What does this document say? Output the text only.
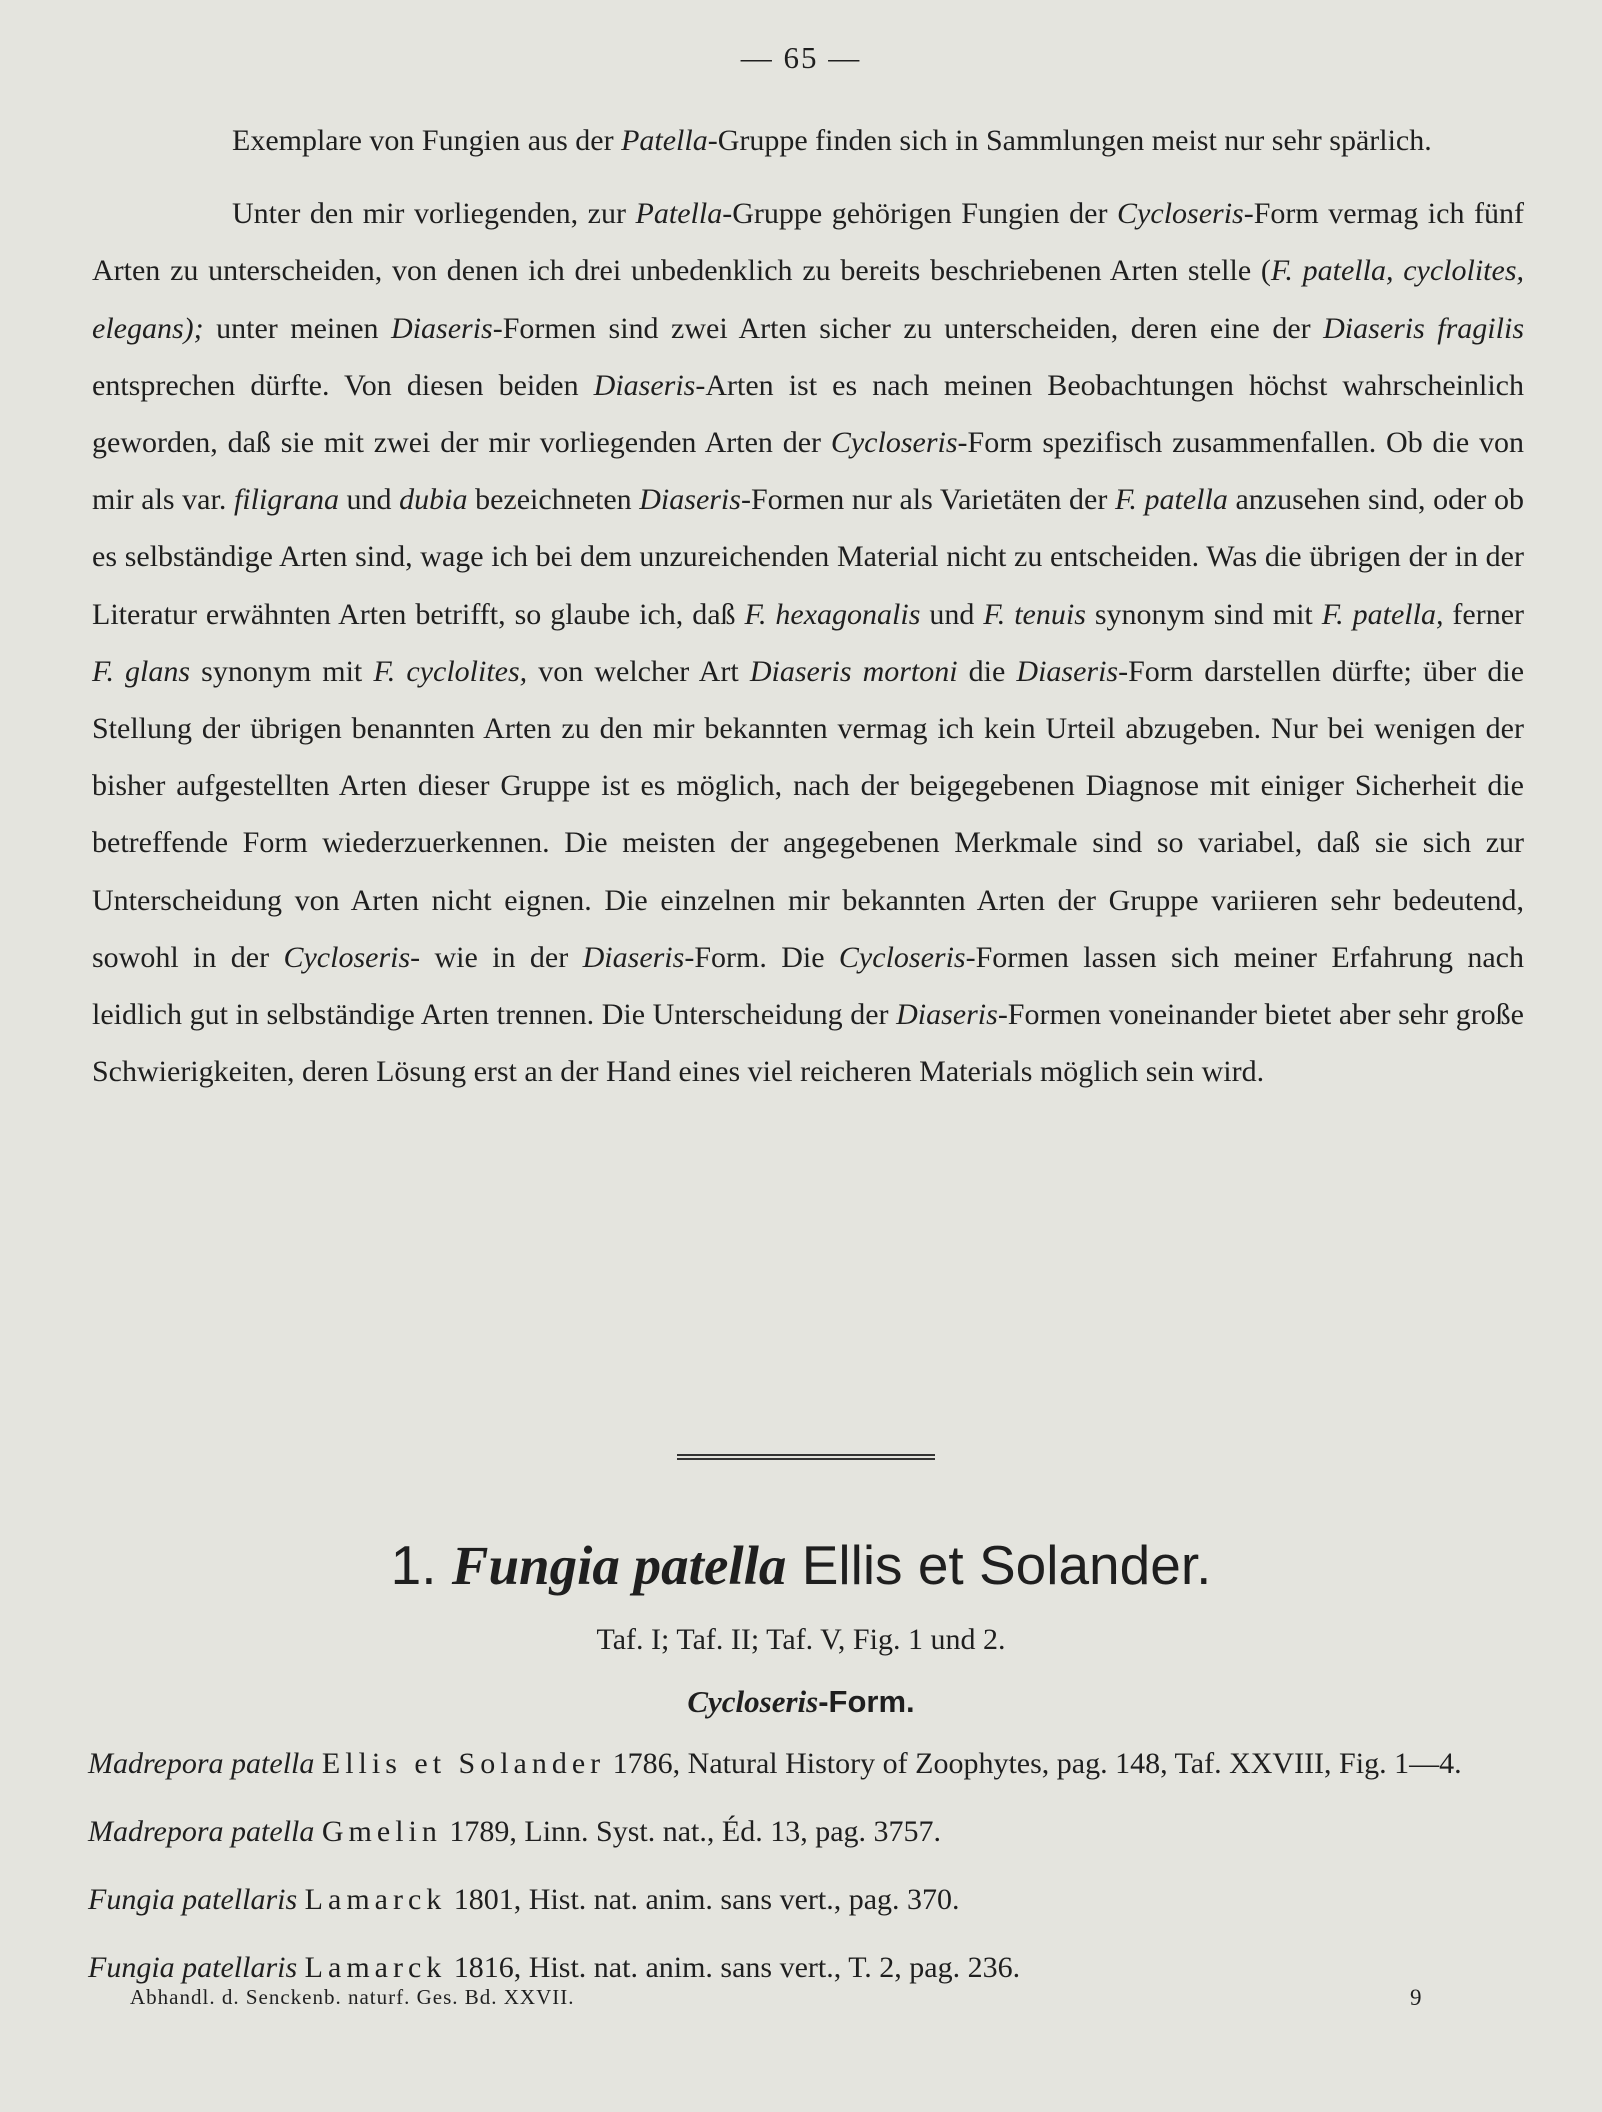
— 65 —

Exemplare von Fungien aus der Patella-Gruppe finden sich in Sammlungen meist nur sehr spärlich.

Unter den mir vorliegenden, zur Patella-Gruppe gehörigen Fungien der Cycloseris-Form vermag ich fünf Arten zu unterscheiden, von denen ich drei unbedenklich zu bereits beschriebenen Arten stelle (F. patella, cyclolites, elegans); unter meinen Diaseris-Formen sind zwei Arten sicher zu unterscheiden, deren eine der Diaseris fragilis entsprechen dürfte. Von diesen beiden Diaseris-Arten ist es nach meinen Beobachtungen höchst wahrscheinlich geworden, daß sie mit zwei der mir vorliegenden Arten der Cycloseris-Form spezifisch zusammenfallen. Ob die von mir als var. filigrana und dubia bezeichneten Diaseris-Formen nur als Varietäten der F. patella anzusehen sind, oder ob es selbständige Arten sind, wage ich bei dem unzureichenden Material nicht zu entscheiden. Was die übrigen der in der Literatur erwähnten Arten betrifft, so glaube ich, daß F. hexagonalis und F. tenuis synonym sind mit F. patella, ferner F. glans synonym mit F. cyclolites, von welcher Art Diaseris mortoni die Diaseris-Form darstellen dürfte; über die Stellung der übrigen benannten Arten zu den mir bekannten vermag ich kein Urteil abzugeben. Nur bei wenigen der bisher aufgestellten Arten dieser Gruppe ist es möglich, nach der beigegebenen Diagnose mit einiger Sicherheit die betreffende Form wiederzuerkennen. Die meisten der angegebenen Merkmale sind so variabel, daß sie sich zur Unterscheidung von Arten nicht eignen. Die einzelnen mir bekannten Arten der Gruppe variieren sehr bedeutend, sowohl in der Cycloseris- wie in der Diaseris-Form. Die Cycloseris-Formen lassen sich meiner Erfahrung nach leidlich gut in selbständige Arten trennen. Die Unterscheidung der Diaseris-Formen voneinander bietet aber sehr große Schwierigkeiten, deren Lösung erst an der Hand eines viel reicheren Materials möglich sein wird.

1. Fungia patella Ellis et Solander.
Taf. I; Taf. II; Taf. V, Fig. 1 und 2.
Cycloseris-Form.

Madrepora patella Ellis et Solander 1786, Natural History of Zoophytes, pag. 148, Taf. XXVIII, Fig. 1—4.

Madrepora patella Gmelin 1789, Linn. Syst. nat., Éd. 13, pag. 3757.

Fungia patellaris Lamarck 1801, Hist. nat. anim. sans vert., pag. 370.

Fungia patellaris Lamarck 1816, Hist. nat. anim. sans vert., T. 2, pag. 236.

Abhandl. d. Senckenb. naturf. Ges. Bd. XXVII.	9
